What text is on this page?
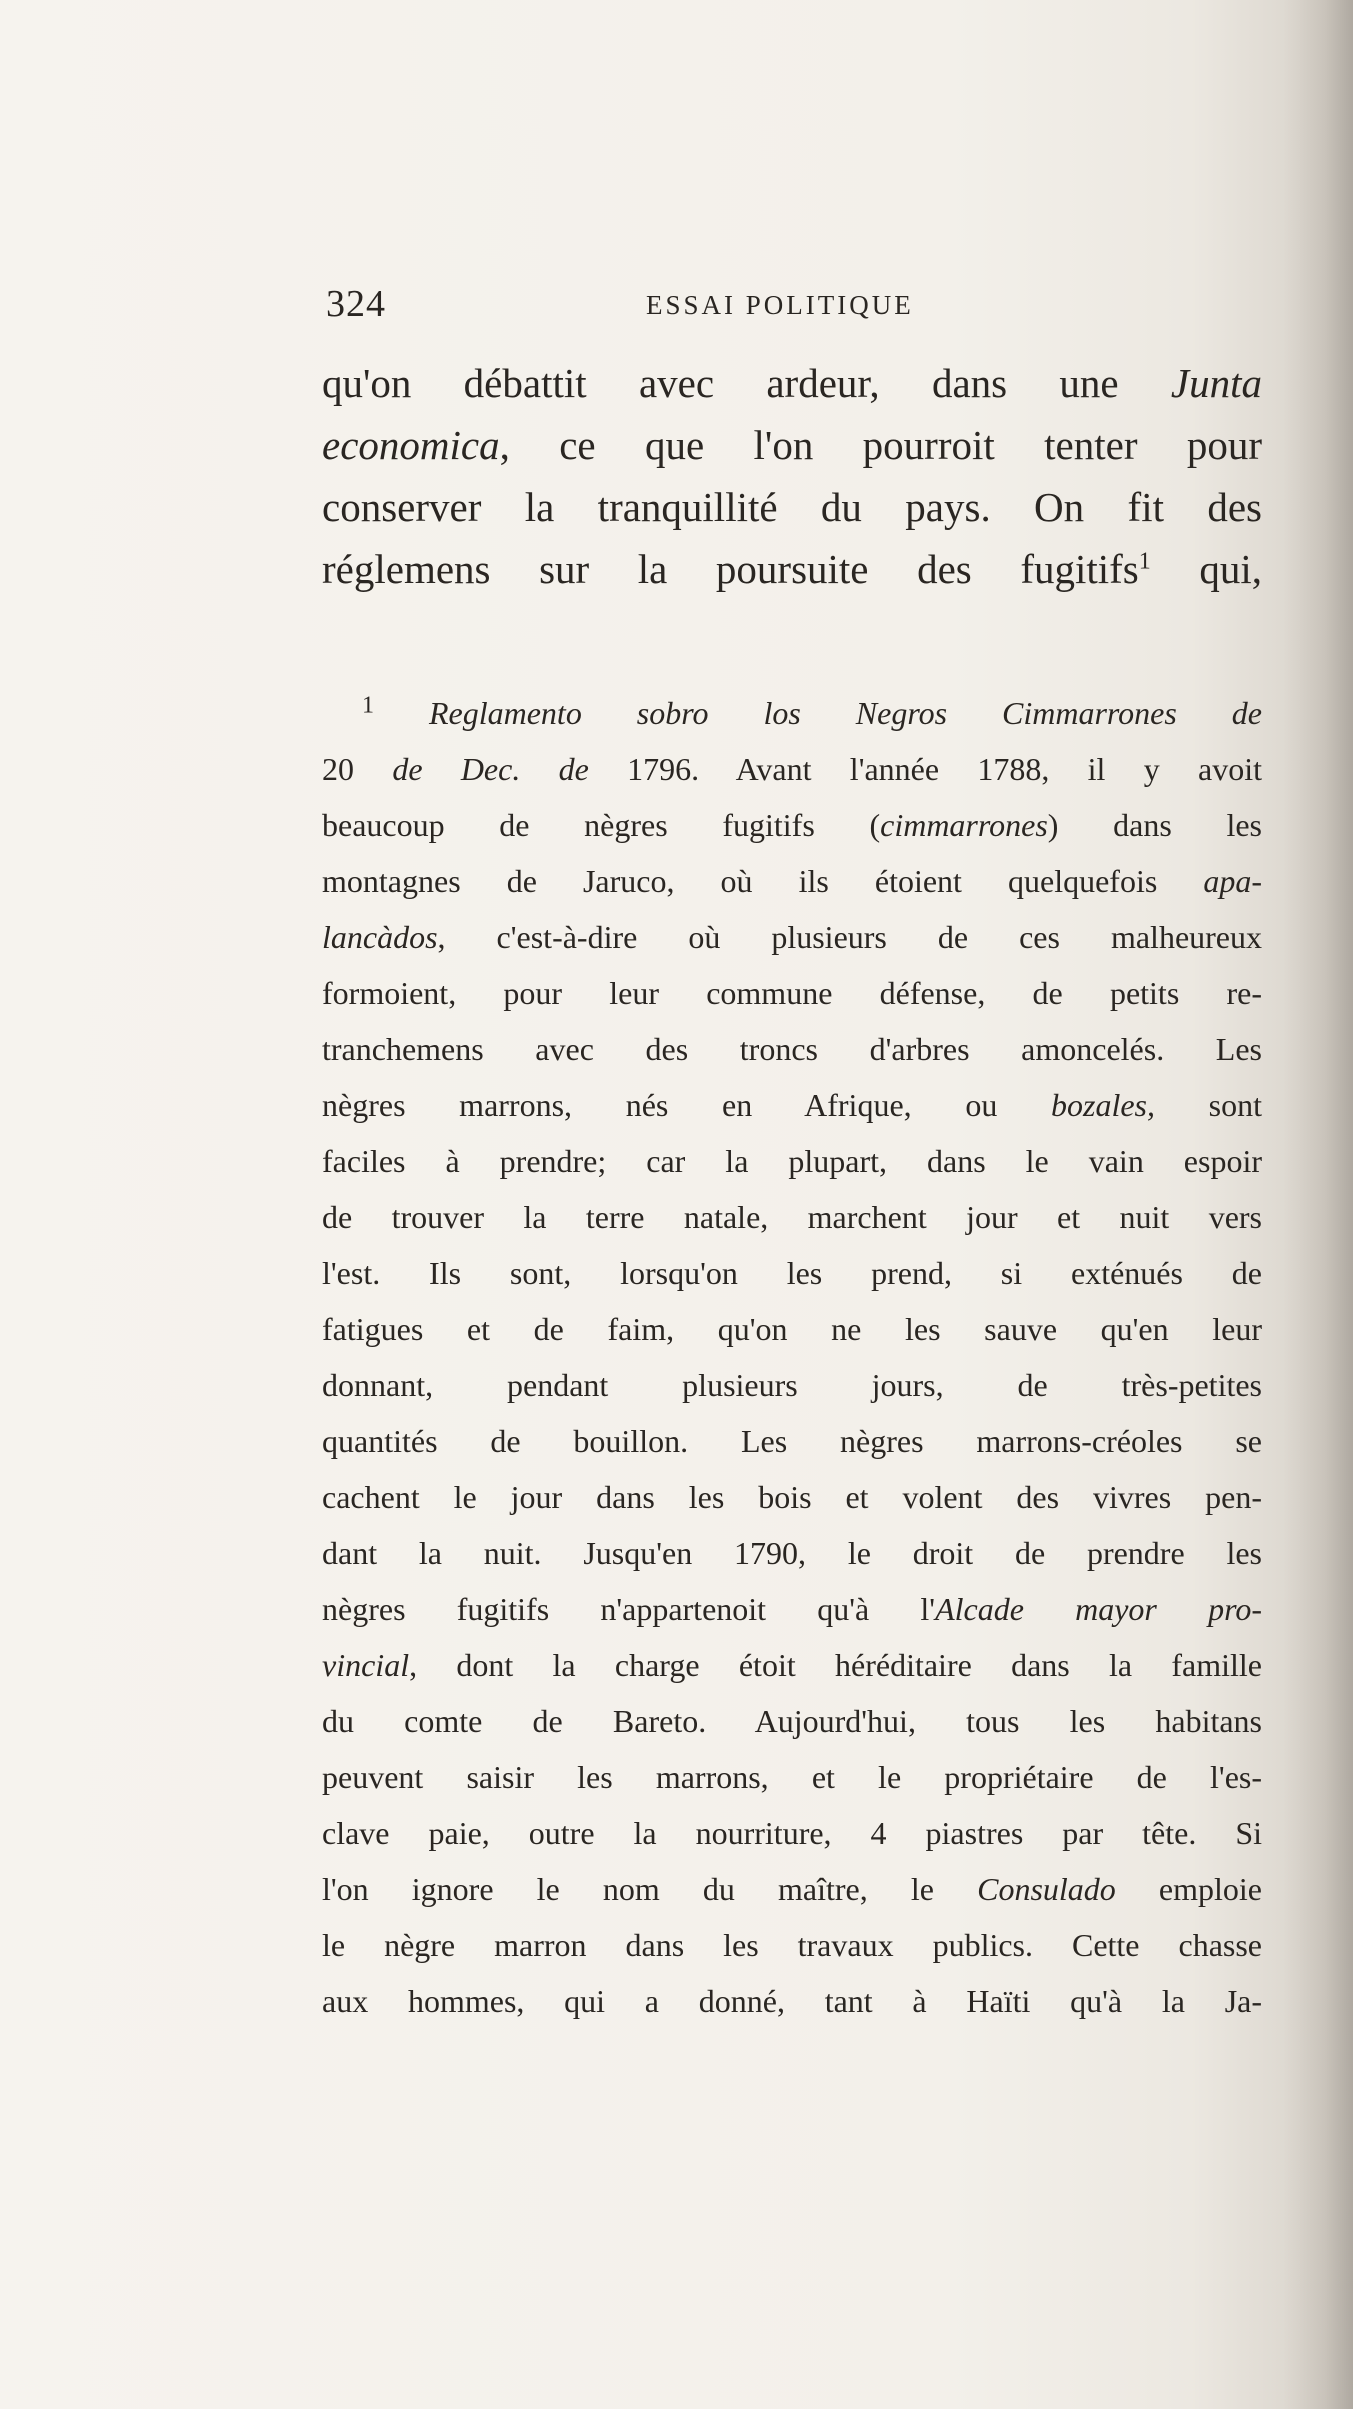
324	ESSAI POLITIQUE
qu'on débattit avec ardeur, dans une Junta
economica, ce que l'on pourroit tenter pour
conserver la tranquillité du pays. On fit des
réglemens sur la poursuite des fugitifs$^1$ qui,
$^1$ Reglamento sobro los Negros Cimmarrones de
20 de Dec. de 1796. Avant l'année 1788, il y avoit
beaucoup de nègres fugitifs (cimmarrones) dans les
montagnes de Jaruco, où ils étoient quelquefois apa-
lancàdos, c'est-à-dire où plusieurs de ces malheureux
formoient, pour leur commune défense, de petits re-
tranchemens avec des troncs d'arbres amoncelés. Les
nègres marrons, nés en Afrique, ou bozales, sont
faciles à prendre; car la plupart, dans le vain espoir
de trouver la terre natale, marchent jour et nuit vers
l'est. Ils sont, lorsqu'on les prend, si exténués de
fatigues et de faim, qu'on ne les sauve qu'en leur
donnant, pendant plusieurs jours, de très-petites
quantités de bouillon. Les nègres marrons-créoles se
cachent le jour dans les bois et volent des vivres pen-
dant la nuit. Jusqu'en 1790, le droit de prendre les
nègres fugitifs n'appartenoit qu'à l'Alcade mayor pro-
vincial, dont la charge étoit héréditaire dans la famille
du comte de Bareto. Aujourd'hui, tous les habitans
peuvent saisir les marrons, et le propriétaire de l'es-
clave paie, outre la nourriture, 4 piastres par tête. Si
l'on ignore le nom du maître, le Consulado emploie
le nègre marron dans les travaux publics. Cette chasse
aux hommes, qui a donné, tant à Haïti qu'à la Ja-
